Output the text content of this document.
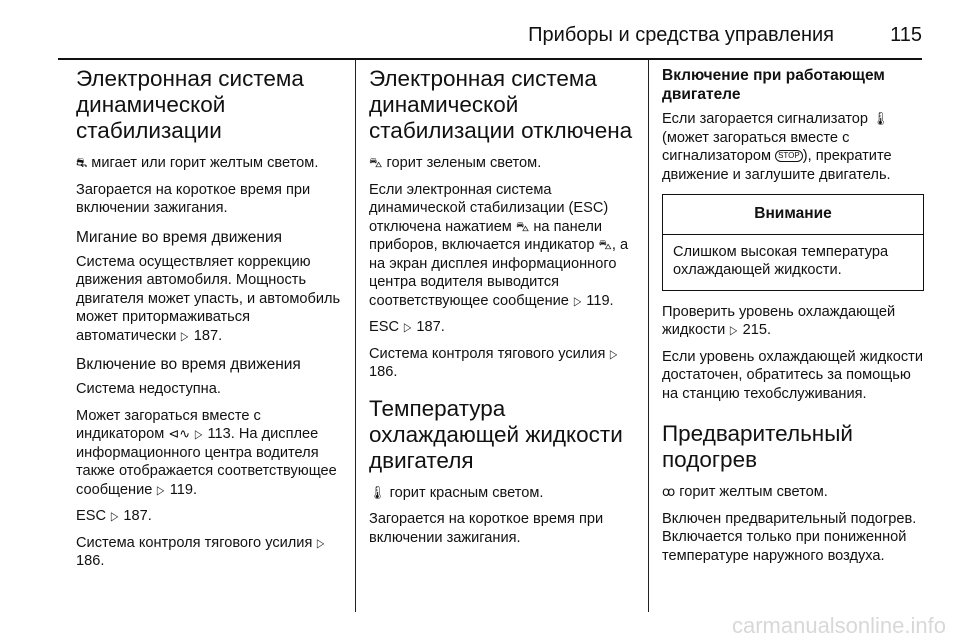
Приборы и средства управления	115
Электронная система динамической стабилизации

⛐ мигает или горит желтым светом.

Загорается на короткое время при включении зажигания.

Мигание во время движения

Система осуществляет коррекцию движения автомобиля. Мощность двигателя может упасть, и автомобиль может притормаживаться автоматически ▷ 187.

Включение во время движения

Система недоступна.

Может загораться вместе с индикатором ⊲∿ ▷ 113. На дисплее информационного центра водителя также отображается соответствующее сообщение ▷ 119.

ESC ▷ 187.

Система контроля тягового усилия ▷ 186.

Электронная система динамической стабилизации отключена

⛍ горит зеленым светом.

Если электронная система динамической стабилизации (ESC) отключена нажатием ⛍ на панели приборов, включается индикатор ⛍, а на экран дисплея информационного центра водителя выводится соответствующее сообщение ▷ 119.

ESC ▷ 187.

Система контроля тягового усилия ▷ 186.

Температура охлаждающей жидкости двигателя

🌡︎ горит красным светом.

Загорается на короткое время при включении зажигания.

Включение при работающем двигателе

Если загорается сигнализатор 🌡︎ (может загораться вместе с сигнализатором STOP ), прекратите движение и заглушите двигатель.

Внимание
Слишком высокая температура охлаждающей жидкости.

Проверить уровень охлаждающей жидкости ▷ 215.

Если уровень охлаждающей жидкости достаточен, обратитесь за помощью на станцию техобслуживания.

Предварительный подогрев

ꝏ горит желтым светом.

Включен предварительный подогрев. Включается только при пониженной температуре наружного воздуха.

carmanualsonline.info
